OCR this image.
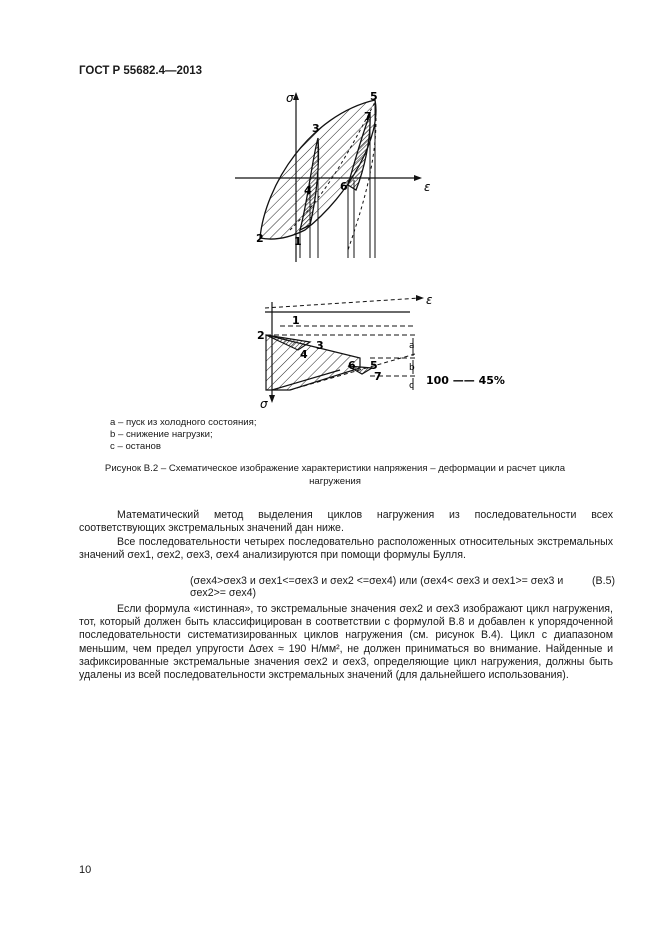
ГОСТ Р 55682.4—2013
σ
ε
1
2
3
4
5
6
7
ε
σ
1
2
3
4
5
6
7
a
b
c 100 —— 45%
a – пуск из холодного состояния;
b – снижение нагрузки;
c – останов
Рисунок В.2 – Схематическое изображение характеристики напряжения – деформации и расчет цикла нагружения
Математический метод выделения циклов нагружения из последовательности всех соответствующих экстремальных значений дан ниже.
Все последовательности четырех последовательно расположенных относительных экстремальных значений σex1, σex2, σex3, σex4 анализируются при помощи формулы Булля.
(σex4>σex3 и σex1<=σex3 и σex2 <=σex4) или (σex4< σex3 и σex1>= σex3 и σex2>= σex4)
(В.5)
Если формула «истинная», то экстремальные значения σex2 и σex3 изображают цикл нагружения, тот, который должен быть классифицирован в соответствии с формулой В.8 и добавлен к упорядоченной последовательности систематизированных циклов нагружения (см. рисунок В.4). Цикл с диапазоном меньшим, чем предел упругости Δσex ≈ 190 Н/мм², не должен приниматься во внимание. Найденные и зафиксированные экстремальные значения σex2 и σex3, определяющие цикл нагружения, должны быть удалены из всей последовательности экстремальных значений (для дальнейшего использования).
10
